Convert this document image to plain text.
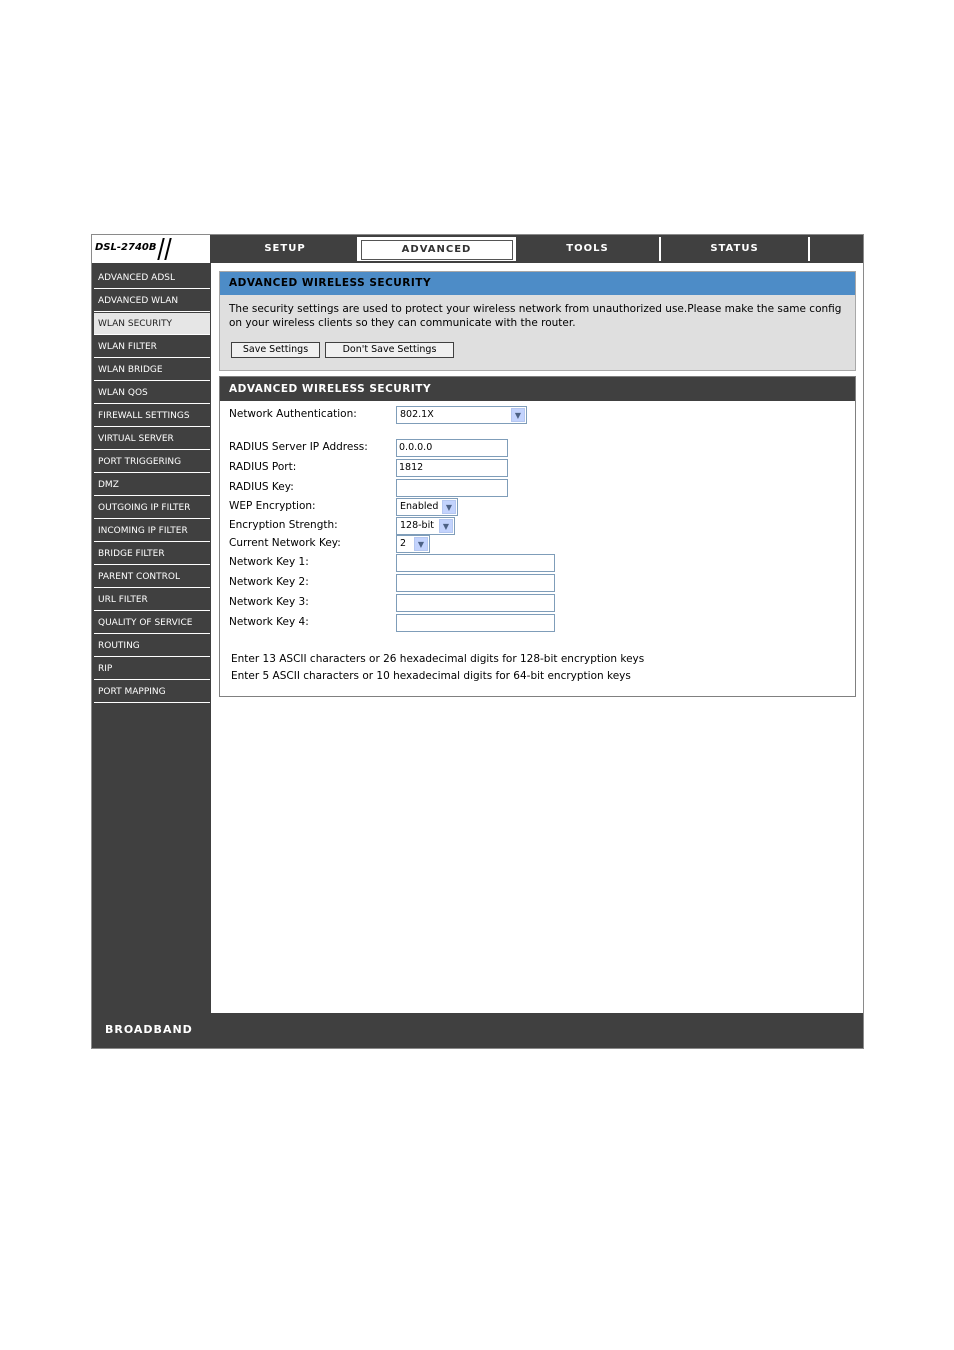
DSL-2740B	SETUP	ADVANCED	TOOLS	STATUS
ADVANCED ADSL
ADVANCED WLAN
WLAN SECURITY
WLAN FILTER
WLAN BRIDGE
WLAN QOS
FIREWALL SETTINGS
VIRTUAL SERVER
PORT TRIGGERING
DMZ
OUTGOING IP FILTER
INCOMING IP FILTER
BRIDGE FILTER
PARENT CONTROL
URL FILTER
QUALITY OF SERVICE
ROUTING
RIP
PORT MAPPING
ADVANCED WIRELESS SECURITY
The security settings are used to protect your wireless network from unauthorized use.Please make the same config on your wireless clients so they can communicate with the router.
Save Settings	Don't Save Settings
ADVANCED WIRELESS SECURITY
Network Authentication:	802.1X	▼
RADIUS Server IP Address:	0.0.0.0
RADIUS Port:	1812
RADIUS Key:
WEP Encryption:	Enabled ▼
Encryption Strength:	128-bit	▼
Current Network Key:	2	▼
Network Key 1:
Network Key 2:
Network Key 3:
Network Key 4:
Enter 13 ASCII characters or 26 hexadecimal digits for 128-bit encryption keys
Enter 5 ASCII characters or 10 hexadecimal digits for 64-bit encryption keys
BROADBAND
